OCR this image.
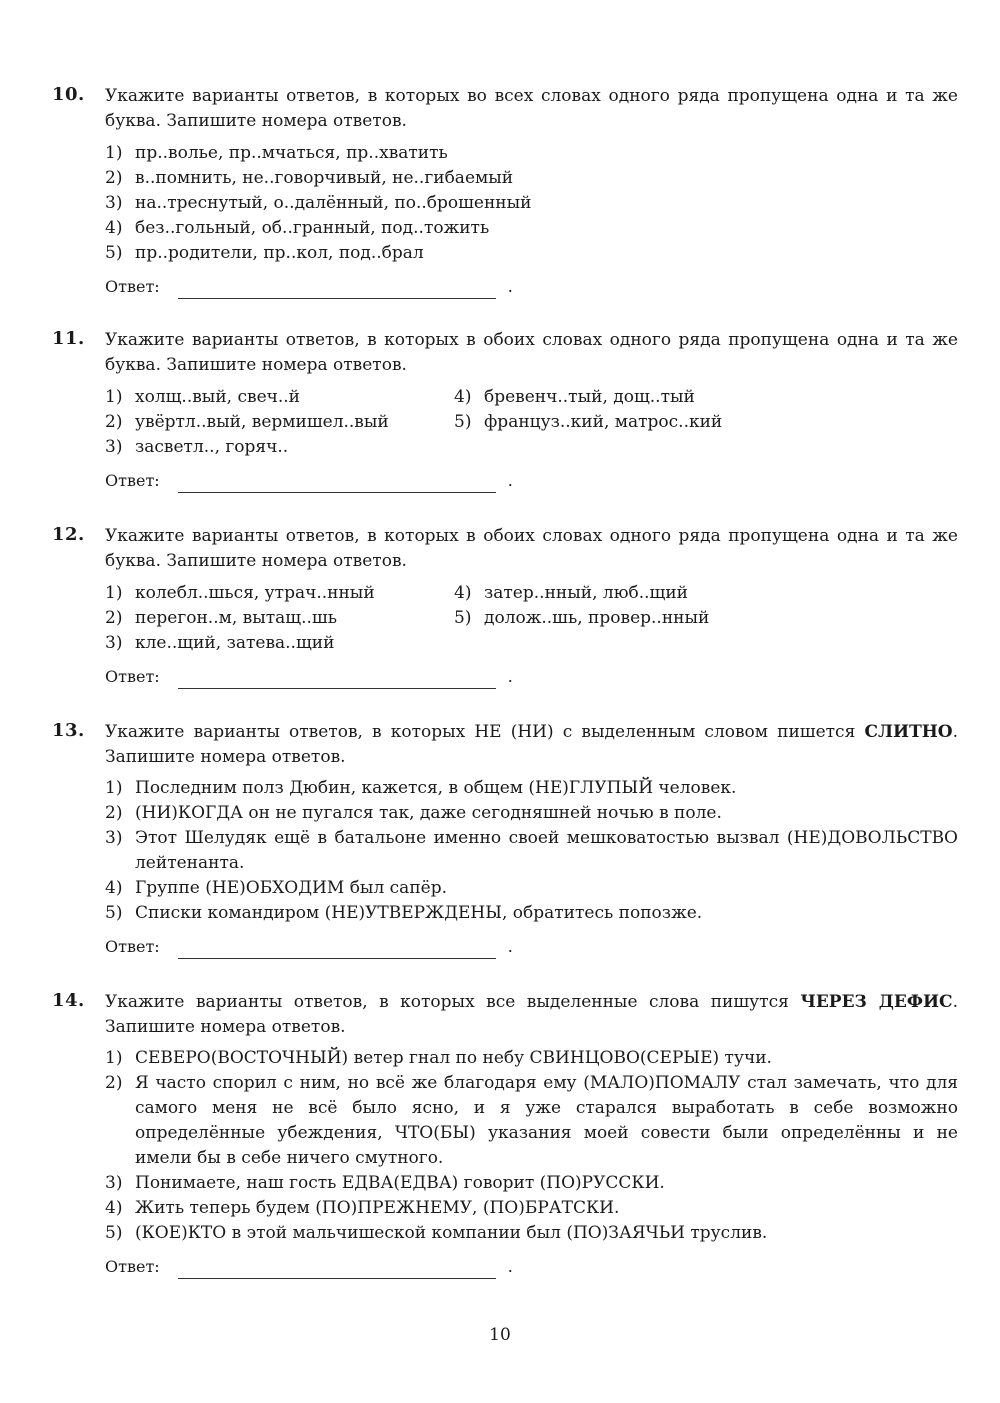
10. Укажите варианты ответов, в которых во всех словах одного ряда пропущена одна и та же буква. Запишите номера ответов.

1) пр..волье, пр..мчаться, пр..хватить
2) в..помнить, не..говорчивый, не..гибаемый
3) на..треснутый, о..далённый, по..брошенный
4) без..гольный, об..гранный, под..тожить
5) пр..родители, пр..кол, под..брал
Ответ:	.
11. Укажите варианты ответов, в которых в обоих словах одного ряда пропущена одна и та же буква. Запишите номера ответов.

1) холщ..вый, свеч..й
2) увёртл..вый, вермишел..вый
3) засветл.., горяч..
4) бревенч..тый, дощ..тый
5) француз..кий, матрос..кий
Ответ:	.
12. Укажите варианты ответов, в которых в обоих словах одного ряда пропущена одна и та же буква. Запишите номера ответов.

1) колебл..шься, утрач..нный
2) перегон..м, вытащ..шь
3) кле..щий, затева..щий
4) затер..нный, люб..щий
5) долож..шь, провер..нный
Ответ:	.
13. Укажите варианты ответов, в которых НЕ (НИ) с выделенным словом пишется СЛИТНО. Запишите номера ответов.

1) Последним полз Дюбин, кажется, в общем (НЕ)ГЛУПЫЙ человек.
2) (НИ)КОГДА он не пугался так, даже сегодняшней ночью в поле.
3) Этот Шелудяк ещё в батальоне именно своей мешковатостью вызвал (НЕ)ДОВОЛЬСТВО лейтенанта.
4) Группе (НЕ)ОБХОДИМ был сапёр.
5) Списки командиром (НЕ)УТВЕРЖДЕНЫ, обратитесь попозже.
Ответ:	.
14. Укажите варианты ответов, в которых все выделенные слова пишутся ЧЕРЕЗ ДЕФИС. Запишите номера ответов.

1) СЕВЕРО(ВОСТОЧНЫЙ) ветер гнал по небу СВИНЦОВО(СЕРЫЕ) тучи.
2) Я часто спорил с ним, но всё же благодаря ему (МАЛО)ПОМАЛУ стал замечать, что для самого меня не всё было ясно, и я уже старался выработать в себе возможно определённые убеждения, ЧТО(БЫ) указания моей совести были определённы и не имели бы в себе ничего смутного.
3) Понимаете, наш гость ЕДВА(ЕДВА) говорит (ПО)РУССКИ.
4) Жить теперь будем (ПО)ПРЕЖНЕМУ, (ПО)БРАТСКИ.
5) (КОЕ)КТО в этой мальчишеской компании был (ПО)ЗАЯЧЬИ труслив.
Ответ:	.
10
